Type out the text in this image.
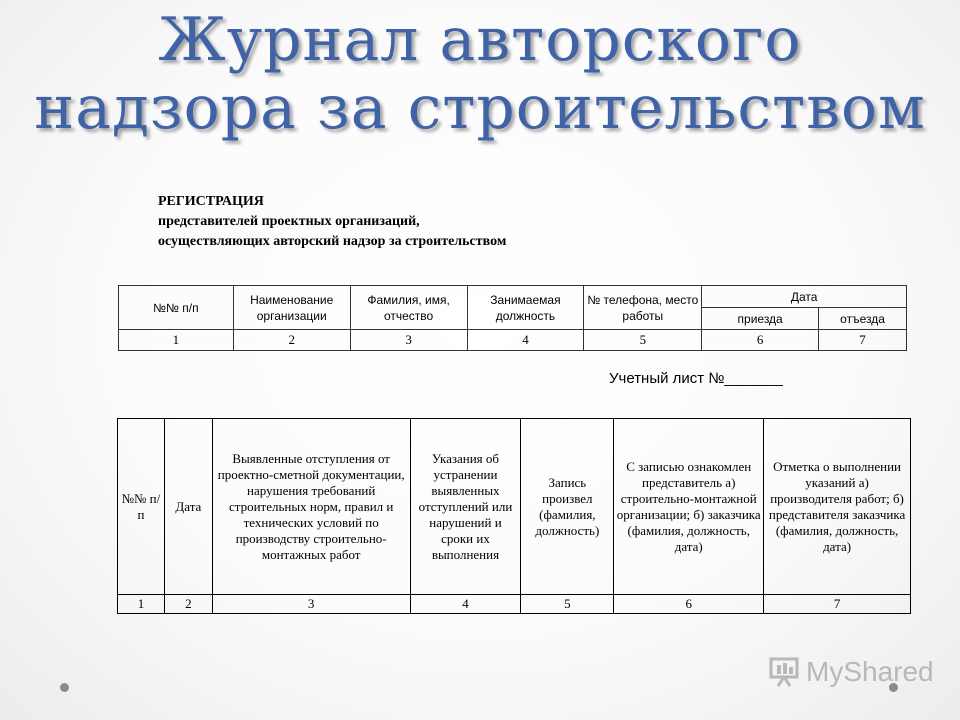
Журнал авторского
надзора за строительством
РЕГИСТРАЦИЯ
представителей проектных организаций,
осуществляющих авторский надзор за строительством
№№ п/п	Наименование организации	Фамилия, имя, отчество	Занимаемая должность	№ телефона, место работы	Дата	
					приезда	отъезда
1	2	3	4	5	6	7
Учетный лист №_______
№№ п/п	Дата	Выявленные отступления от проектно-сметной документации, нарушения требований строительных норм, правил и технических условий по производству строительно-монтажных работ	Указания об устранении выявленных отступлений или нарушений и сроки их выполнения	Запись произвел (фамилия, должность)	С записью ознакомлен представитель а) строительно-монтажной организации; б) заказчика (фамилия, должность, дата)	Отметка о выполнении указаний а) производителя работ; б) представителя заказчика (фамилия, должность, дата)
1	2	3	4	5	6	7
MyShared
